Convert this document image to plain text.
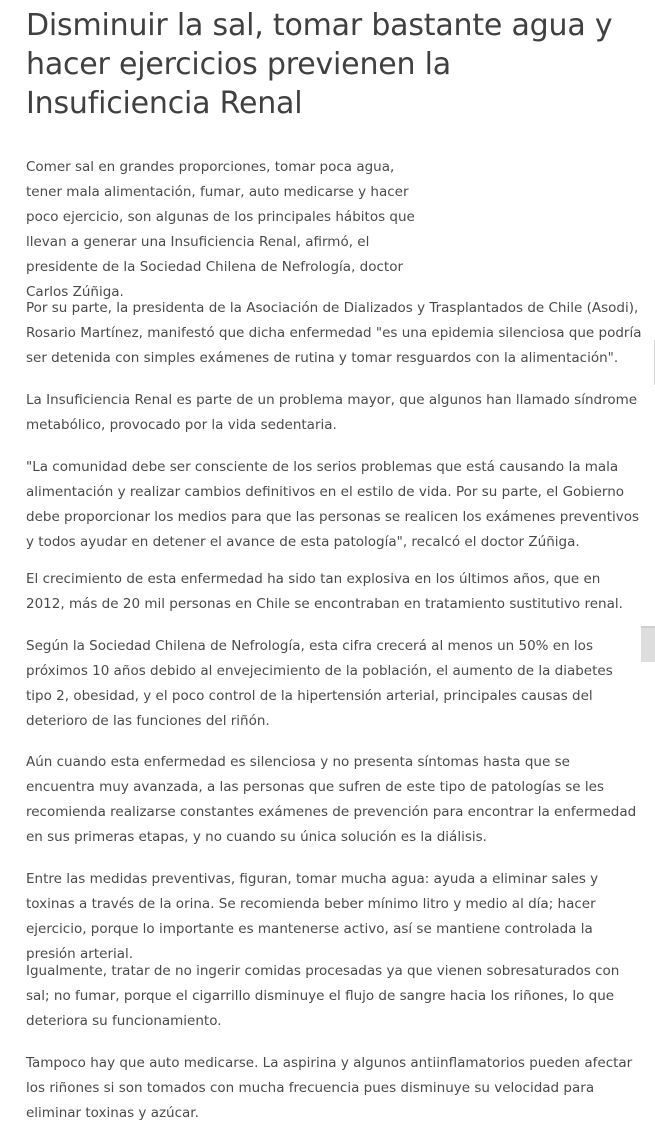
Disminuir la sal, tomar bastante agua y hacer ejercicios previenen la Insuficiencia Renal

Comer sal en grandes proporciones, tomar poca agua, tener mala alimentación, fumar, auto medicarse y hacer poco ejercicio, son algunas de los principales hábitos que llevan a generar una Insuficiencia Renal, afirmó, el presidente de la Sociedad Chilena de Nefrología, doctor Carlos Zúñiga.

Por su parte, la presidenta de la Asociación de Dializados y Trasplantados de Chile (Asodi), Rosario Martínez, manifestó que dicha enfermedad "es una epidemia silenciosa que podría ser detenida con simples exámenes de rutina y tomar resguardos con la alimentación".

La Insuficiencia Renal es parte de un problema mayor, que algunos han llamado síndrome metabólico, provocado por la vida sedentaria.

"La comunidad debe ser consciente de los serios problemas que está causando la mala alimentación y realizar cambios definitivos en el estilo de vida. Por su parte, el Gobierno debe proporcionar los medios para que las personas se realicen los exámenes preventivos y todos ayudar en detener el avance de esta patología", recalcó el doctor Zúñiga.

El crecimiento de esta enfermedad ha sido tan explosiva en los últimos años, que en 2012, más de 20 mil personas en Chile se encontraban en tratamiento sustitutivo renal.

Según la Sociedad Chilena de Nefrología, esta cifra crecerá al menos un 50% en los próximos 10 años debido al envejecimiento de la población, el aumento de la diabetes tipo 2, obesidad, y el poco control de la hipertensión arterial, principales causas del deterioro de las funciones del riñón.

Aún cuando esta enfermedad es silenciosa y no presenta síntomas hasta que se encuentra muy avanzada, a las personas que sufren de este tipo de patologías se les recomienda realizarse constantes exámenes de prevención para encontrar la enfermedad en sus primeras etapas, y no cuando su única solución es la diálisis.

Entre las medidas preventivas, figuran, tomar mucha agua: ayuda a eliminar sales y toxinas a través de la orina. Se recomienda beber mínimo litro y medio al día; hacer ejercicio, porque lo importante es mantenerse activo, así se mantiene controlada la presión arterial.

Igualmente, tratar de no ingerir comidas procesadas ya que vienen sobresaturados con sal; no fumar, porque el cigarrillo disminuye el flujo de sangre hacia los riñones, lo que deteriora su funcionamiento.

Tampoco hay que auto medicarse. La aspirina y algunos antiinflamatorios pueden afectar los riñones si son tomados con mucha frecuencia pues disminuye su velocidad para eliminar toxinas y azúcar.
